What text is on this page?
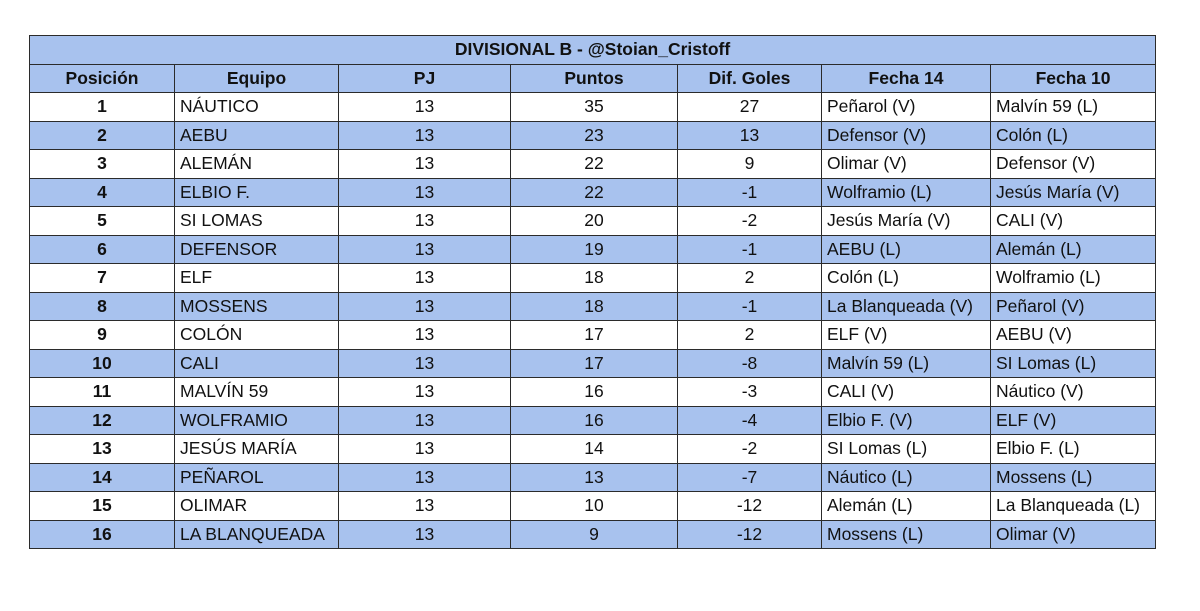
DIVISIONAL B - @Stoian_Cristoff						
Posición	Equipo	PJ	Puntos	Dif. Goles	Fecha 14	Fecha 10
1	NÁUTICO	13	35	27	Peñarol (V)	Malvín 59 (L)
2	AEBU	13	23	13	Defensor (V)	Colón (L)
3	ALEMÁN	13	22	9	Olimar (V)	Defensor (V)
4	ELBIO F.	13	22	-1	Wolframio (L)	Jesús María (V)
5	SI LOMAS	13	20	-2	Jesús María (V)	CALI (V)
6	DEFENSOR	13	19	-1	AEBU (L)	Alemán (L)
7	ELF	13	18	2	Colón (L)	Wolframio (L)
8	MOSSENS	13	18	-1	La Blanqueada (V)	Peñarol (V)
9	COLÓN	13	17	2	ELF (V)	AEBU (V)
10	CALI	13	17	-8	Malvín 59 (L)	SI Lomas (L)
11	MALVÍN 59	13	16	-3	CALI (V)	Náutico (V)
12	WOLFRAMIO	13	16	-4	Elbio F. (V)	ELF (V)
13	JESÚS MARÍA	13	14	-2	SI Lomas (L)	Elbio F. (L)
14	PEÑAROL	13	13	-7	Náutico (L)	Mossens (L)
15	OLIMAR	13	10	-12	Alemán (L)	La Blanqueada (L)
16	LA BLANQUEADA	13	9	-12	Mossens (L)	Olimar (V)
